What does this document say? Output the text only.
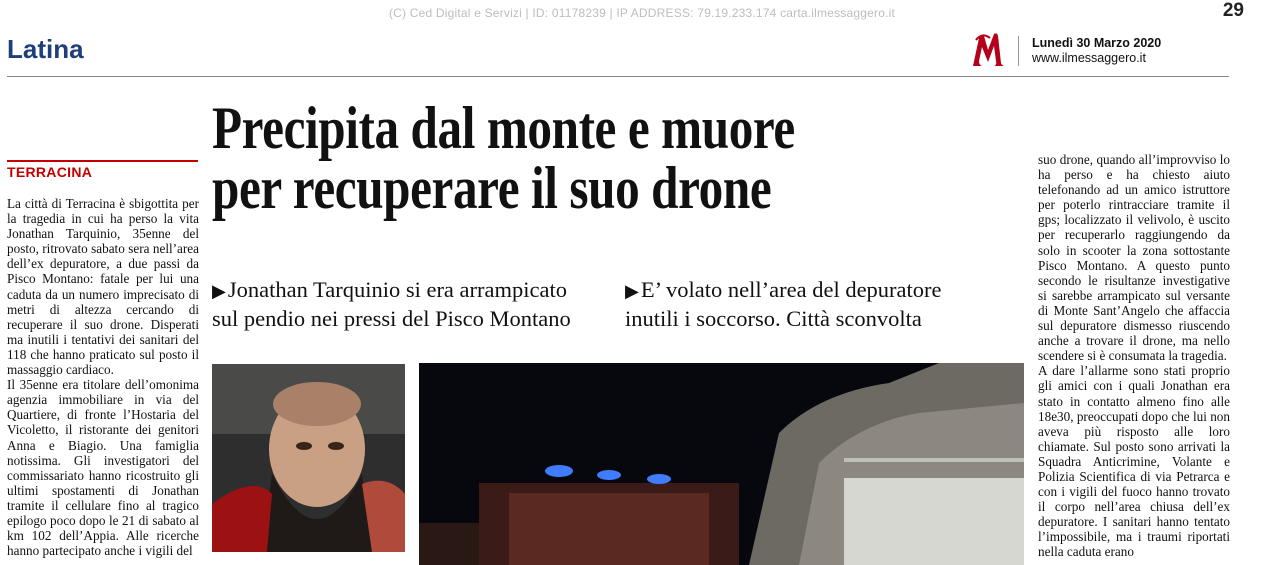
(C) Ced Digital e Servizi | ID: 01178239 | IP ADDRESS: 79.19.233.174 carta.ilmessaggero.it	29
Latina	Lunedì 30 Marzo 2020
www.ilmessaggero.it
TERRACINA

La città di Terracina è sbigottita per la tragedia in cui ha perso la vita Jonathan Tarquinio, 35enne del posto, ritrovato sabato sera nell’area dell’ex depuratore, a due passi da Pisco Montano: fatale per lui una caduta da un numero imprecisato di metri di altezza cercando di recuperare il suo drone. Disperati ma inutili i tentativi dei sanitari del 118 che hanno praticato sul posto il massaggio cardiaco.

Il 35enne era titolare dell’omonima agenzia immobiliare in via del Quartiere, di fronte l’Hostaria del Vicoletto, il ristorante dei genitori Anna e Biagio. Una famiglia notissima. Gli investigatori del commissariato hanno ricostruito gli ultimi spostamenti di Jonathan tramite il cellulare fino al tragico epilogo poco dopo le 21 di sabato al km 102 dell’Appia. Alle ricerche hanno partecipato anche i vigili del

Precipita dal monte e muore
per recuperare il suo drone
▶Jonathan Tarquinio si era arrampicato
sul pendio nei pressi del Pisco Montano
▶E’ volato nell’area del depuratore
inutili i soccorso. Città sconvolta

suo drone, quando all’improvviso lo ha perso e ha chiesto aiuto telefonando ad un amico istruttore per poterlo rintracciare tramite il gps; localizzato il velivolo, è uscito per recuperarlo raggiungendo da solo in scooter la zona sottostante Pisco Montano. A questo punto secondo le risultanze investigative si sarebbe arrampicato sul versante di Monte Sant’Angelo che affaccia sul depuratore dismesso riuscendo anche a trovare il drone, ma nello scendere si è consumata la tragedia.

A dare l’allarme sono stati proprio gli amici con i quali Jonathan era stato in contatto almeno fino alle 18e30, preoccupati dopo che lui non aveva più risposto alle loro chiamate. Sul posto sono arrivati la Squadra Anticrimine, Volante e Polizia Scientifica di via Petrarca e con i vigili del fuoco hanno trovato il corpo nell’area chiusa dell’ex depuratore. I sanitari hanno tentato l’impossibile, ma i traumi riportati nella caduta erano
